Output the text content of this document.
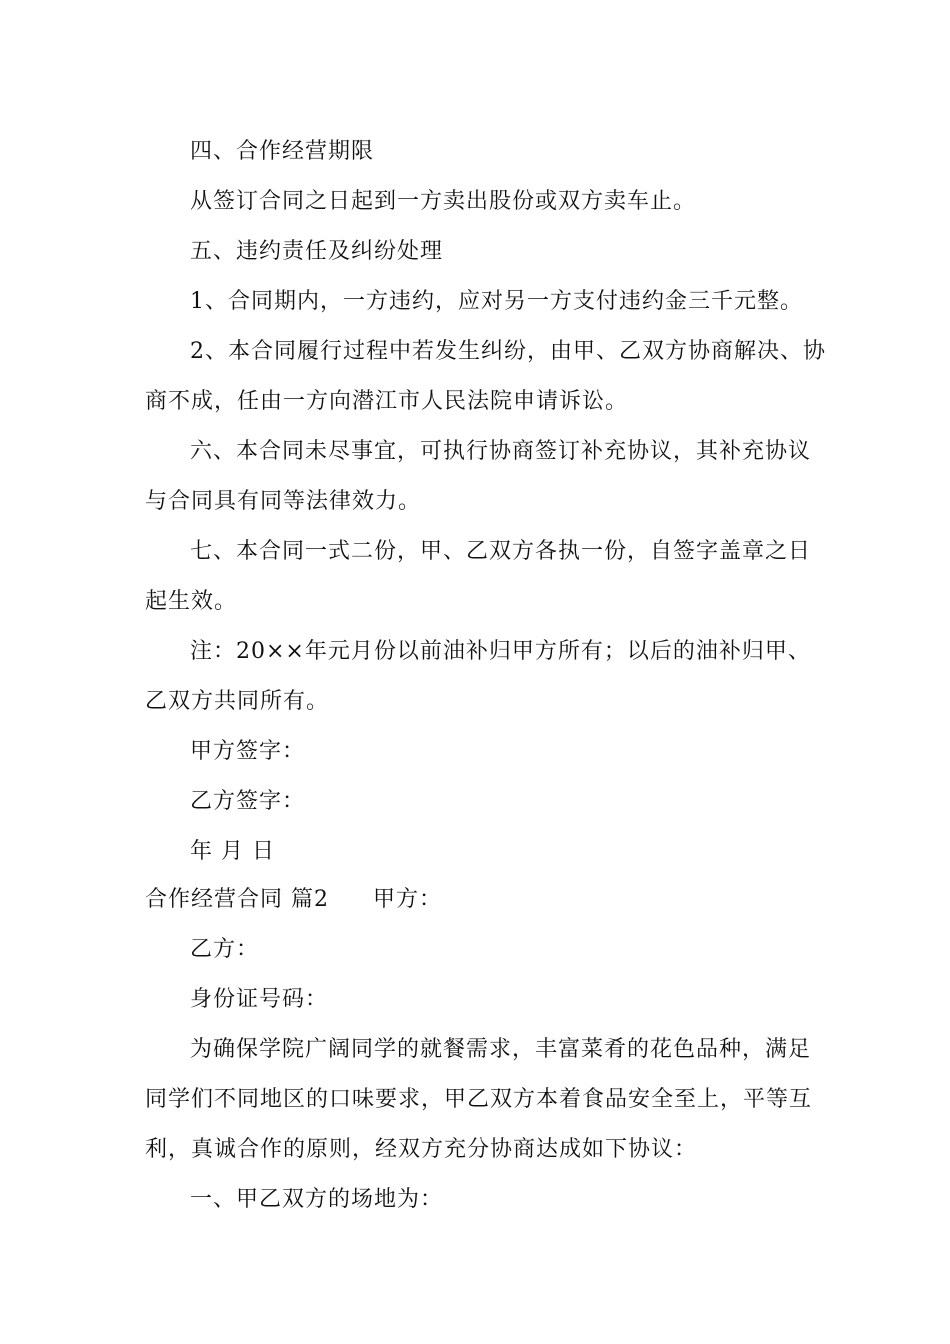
四、合作经营期限
从签订合同之日起到一方卖出股份或双方卖车止。
五、违约责任及纠纷处理
1、合同期内，一方违约，应对另一方支付违约金三千元整。
2、本合同履行过程中若发生纠纷，由甲、乙双方协商解决、协
商不成，任由一方向潜江市人民法院申请诉讼。
六、本合同未尽事宜，可执行协商签订补充协议，其补充协议
与合同具有同等法律效力。
七、本合同一式二份，甲、乙双方各执一份，自签字盖章之日
起生效。
注：20××年元月份以前油补归甲方所有；以后的油补归甲、
乙双方共同所有。
甲方签字：
乙方签字：
年 月 日
合作经营合同 篇2 甲方：
乙方：
身份证号码：
为确保学院广阔同学的就餐需求，丰富菜肴的花色品种，满足
同学们不同地区的口味要求，甲乙双方本着食品安全至上，平等互
利，真诚合作的原则，经双方充分协商达成如下协议：
一、甲乙双方的场地为：
